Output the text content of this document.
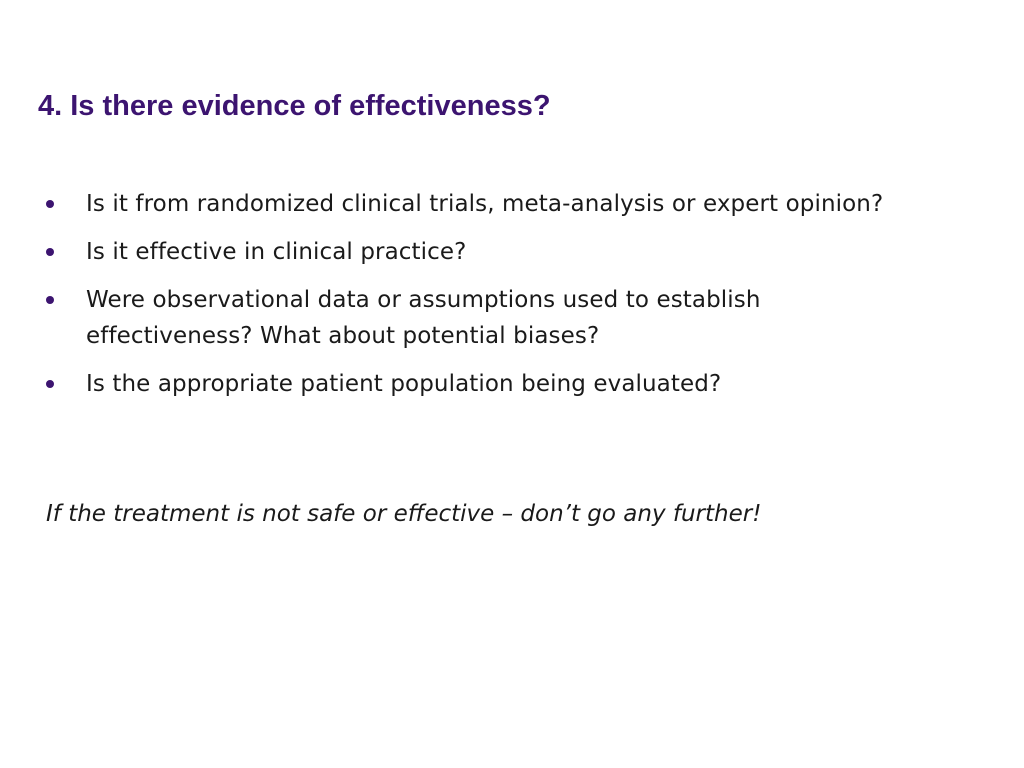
4. Is there evidence of effectiveness?
Is it from randomized clinical trials, meta-analysis or expert opinion?
Is it effective in clinical practice?
Were observational data or assumptions used to establish effectiveness? What about potential biases?
Is the appropriate patient population being evaluated?

If the treatment is not safe or effective – don’t go any further!
